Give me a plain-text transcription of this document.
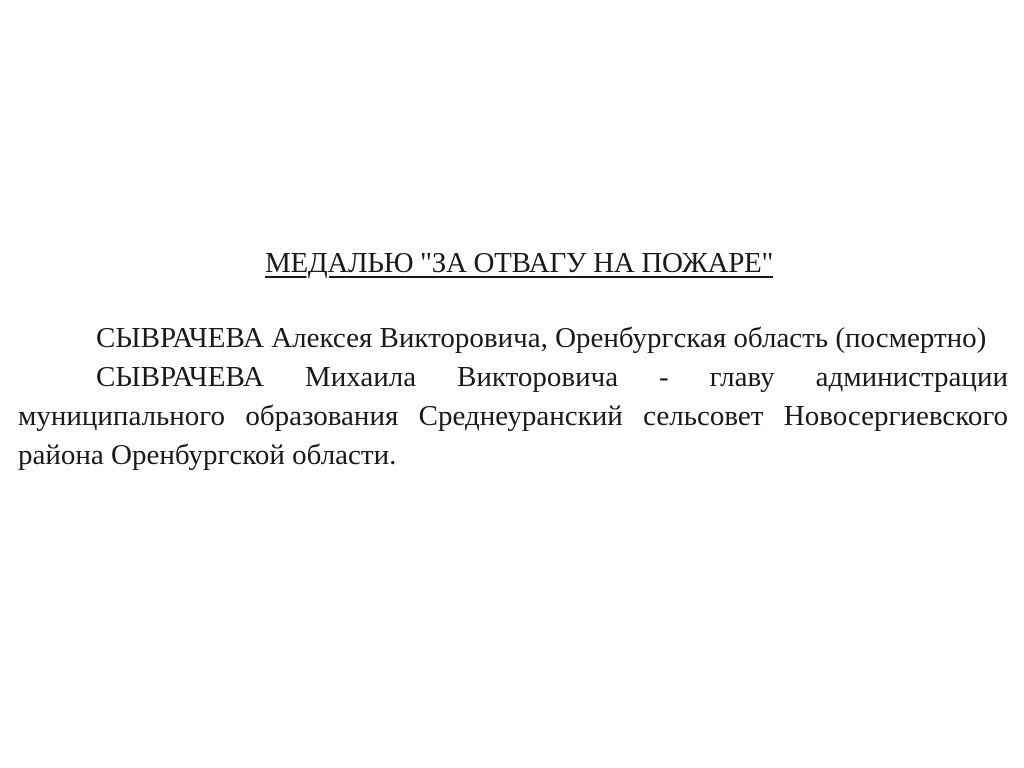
МЕДАЛЬЮ "ЗА ОТВАГУ НА ПОЖАРЕ"

СЫВРАЧЕВА Алексея Викторовича, Оренбургская область (посмертно)

СЫВРАЧЕВА Михаила Викторовича - главу администрации муниципального образования Среднеуранский сельсовет Новосергиевского района Оренбургской области.
